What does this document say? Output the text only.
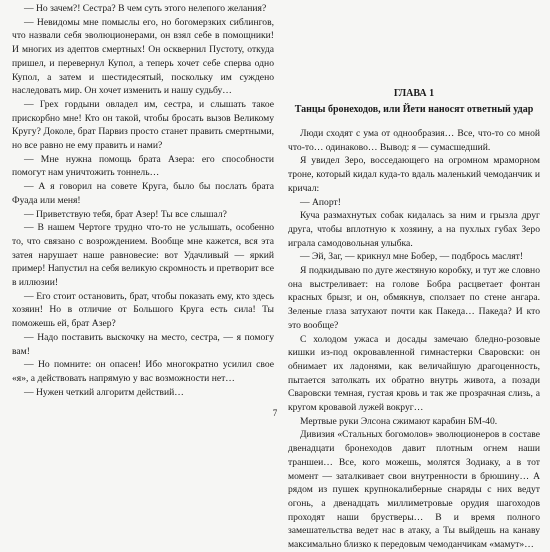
— Но зачем?! Сестра? В чем суть этого нелепого желания?

— Невидомы мне помыслы его, но богомерзких сиблингов, что назвали себя эволюционерами, он взял себе в помощники! И многих из адептов смертных! Он осквернил Пустоту, откуда пришел, и перевернул Купол, а теперь хочет себе сперва одно Купол, а затем и шестидесятый, поскольку им суждено наследовать мир. Он хочет изменить и нашу судьбу…

— Грех гордыни овладел им, сестра, и слышать такое прискорбно мне! Кто он такой, чтобы бросать вызов Великому Кругу? Доколе, брат Парвиз просто станет править смертными, но все равно не ему править и нами?

— Мне нужна помощь брата Азера: его способности помогут нам уничтожить тоннель…

— А я говорил на совете Круга, было бы послать брата Фуада или меня!

— Приветствую тебя, брат Азер! Ты все слышал?

— В нашем Чертоге трудно что-то не услышать, особенно то, что связано с возрождением. Вообще мне кажется, вся эта затея нарушает наше равновесие: вот Удачливый — яркий пример! Напустил на себя великую скромность и претворит все в иллюзии!

— Его стоит остановить, брат, чтобы показать ему, кто здесь хозяин! Но в отличие от Большого Круга есть сила! Ты поможешь ей, брат Азер?

— Надо поставить выскочку на место, сестра, — я помогу вам!

— Но помните: он опасен! Ибо многократно усилил свое «я», а действовать напрямую у вас возможности нет…

— Нужен четкий алгоритм действий…

ГЛАВА 1
Танцы бронеходов, или Йети наносят ответный удар

Люди сходят с ума от однообразия… Все, что-то со мной что-то… одинаково… Вывод: я — сумасшедший.

Я увидел Зеро, восседающего на огромном мраморном троне, который кидал куда-то вдаль маленький чемоданчик и кричал:

— Апорт!

Куча размахнутых собак кидалась за ним и грызла друг друга, чтобы вплотную к хозяину, а на пухлых губах Зеро играла самодовольная улыбка.

— Эй, Заг, — крикнул мне Бобер, — подбрось маслят!

Я подкидываю по дуге жестяную коробку, и тут же словно она выстреливает: на голове Бобра расцветает фонтан красных брызг, и он, обмякнув, сползает по стене ангара. Зеленые глаза затухают почти как Пакеда… Пакеда? И кто это вообще?

С холодом ужаса и досады замечаю бледно-розовые кишки из-под окровавленной гимнастерки Сваровски: он обнимает их ладонями, как величайшую драгоценность, пытается затолкать их обратно внутрь живота, а позади Сваровски темная, густая кровь и так же прозрачная слизь, а кругом кровавой лужей вокруг…

Мертвые руки Элсона сжимают карабин БМ-40.

Дивизия «Стальных богомолов» эволюционеров в составе двенадцати бронеходов давит плотным огнем наши траншеи… Все, кого можешь, молятся Зодиаку, а в тот момент — заталкивает свои внутренности в брюшину… А рядом из пушек крупнокалиберные снаряды с них ведут огонь, а двенадцать миллиметровые орудия шагоходов проходят наши брустверы… В и время полного замешательства ведет нас в атаку, а Ты выйдешь на канаву максимально близко к передовым чемоданчикам «мамут»…

7
